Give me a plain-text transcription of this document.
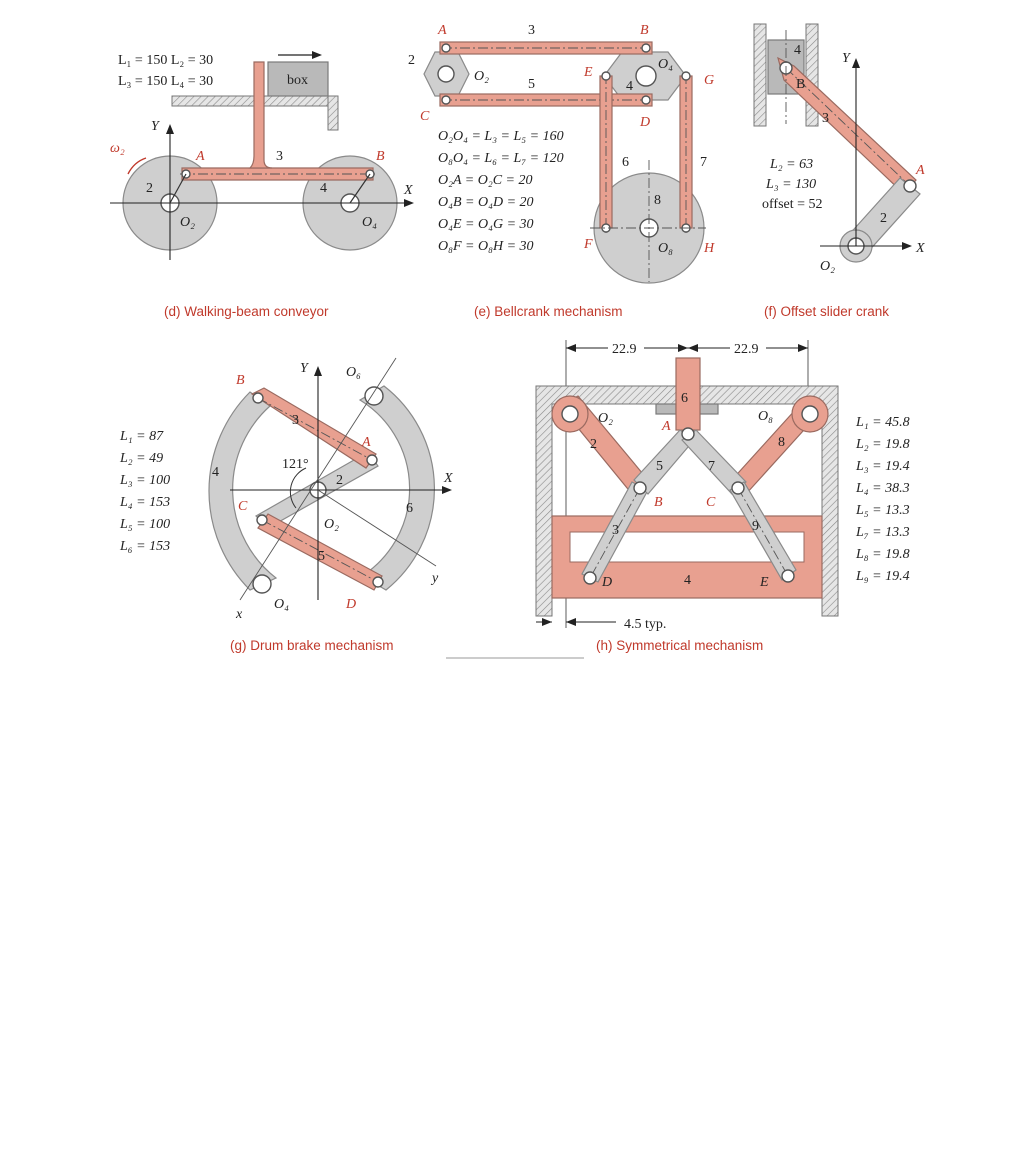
L₁ = 150 L₂ = 30
L₃ = 150 L₄ = 30	box
Y
X
A	B
O₂	O₄
ω₂
2
3
4
(d) Walking-beam conveyor
A	B
C	D
E
F
G
H
O₂
O₄
O₈
2
3
4
5
6	7
8
O₂O₄ = L₃ = L₅ = 160
O₈O₄ = L₆ = L₇ = 120
O₂A = O₂C = 20
O₄B = O₄D = 20
O₄E = O₄G = 30
O₈F = O₈H = 30
(e) Bellcrank mechanism
Y
X
A
B
O₂
2
3
4
L₂ = 63
L₃ = 130
offset = 52
(f) Offset slider crank
L₁ = 87
L₂ = 49
L₃ = 100
L₄ = 153
L₅ = 100
L₆ = 153
121°
Y
X
x
y
A
B
C
D
O₂
O₄
O₆
2
3
4
5
6
(g) Drum brake mechanism
22.9	22.9
4.5 typ.
O₂	O₈
A
B	C
D	E
2
3
4
5
6
7
8
9
L₁ = 45.8
L₂ = 19.8
L₃ = 19.4
L₄ = 38.3
L₅ = 13.3
L₇ = 13.3
L₈ = 19.8
L₉ = 19.4
(h) Symmetrical mechanism
